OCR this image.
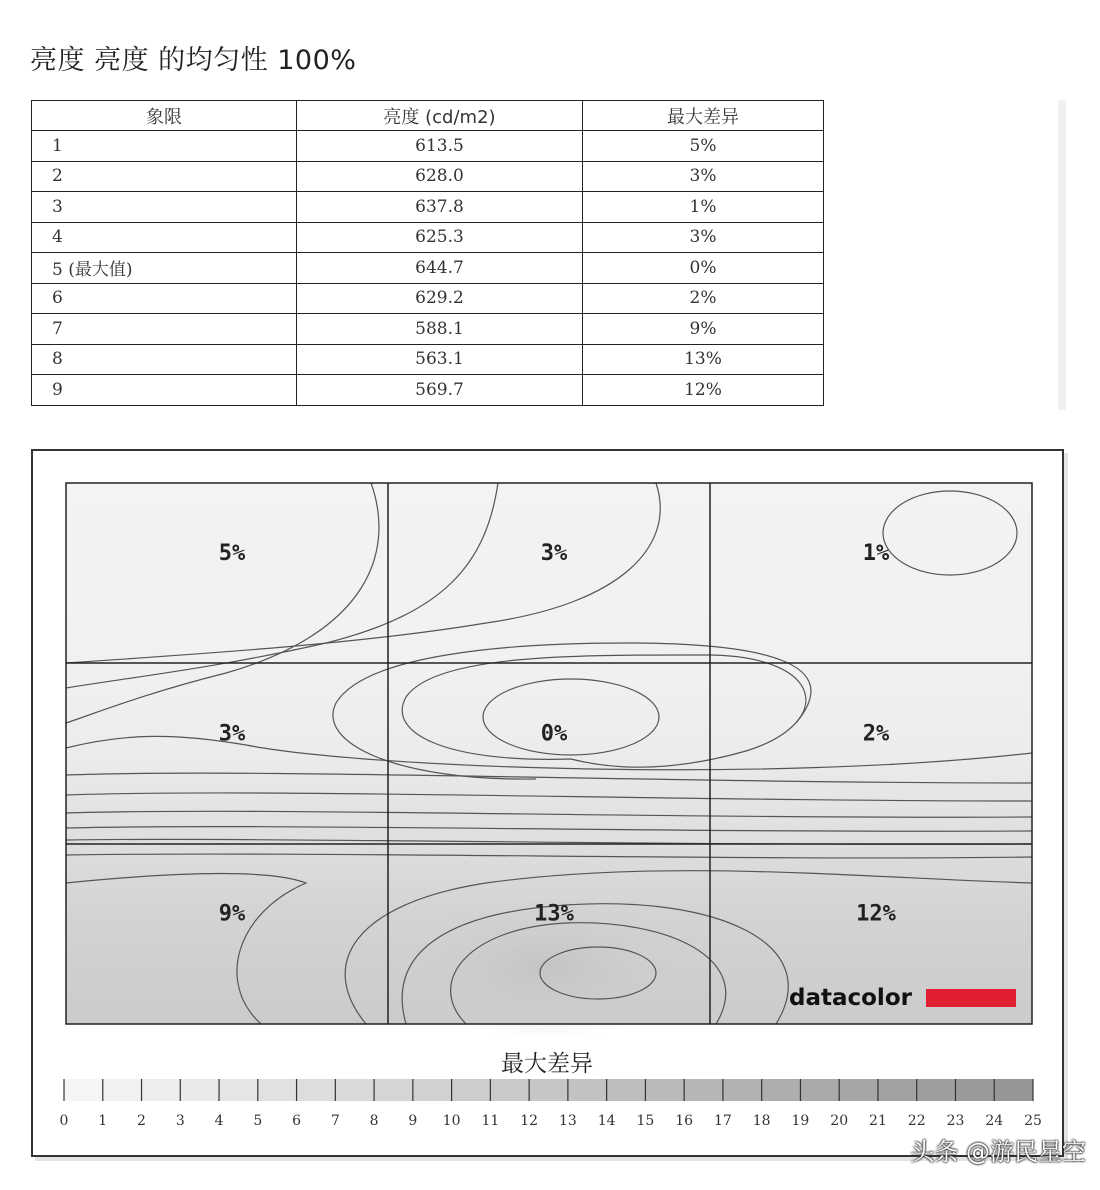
亮度 亮度 的均匀性 100%
象限	亮度 (cd/m2)	最大差异
1	613.5	5%
2	628.0	3%
3	637.8	1%
4	625.3	3%
5 (最大值)	644.7	0%
6	629.2	2%
7	588.1	9%
8	563.1	13%
9	569.7	12%
5%	3%	1%
3%	0%	2%
9%	13%	12%
datacolor
最大差异
0 1 2 3 4 5 6 7 8 9 10 11 12 13 14 15 16 17 18 19 20 21 22 23 24 25
头条 @游民星空
